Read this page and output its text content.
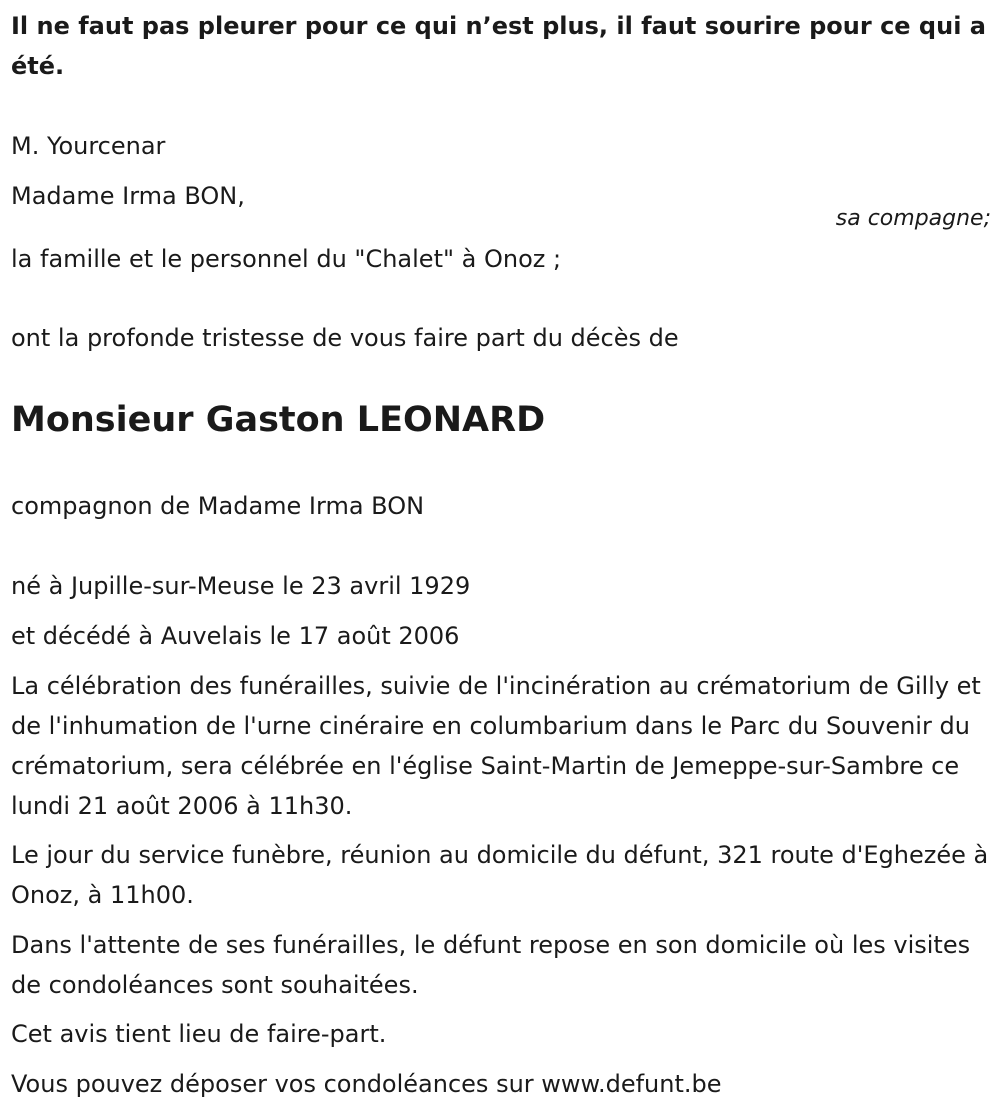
Il ne faut pas pleurer pour ce qui n’est plus, il faut sourire pour ce qui a été.
M. Yourcenar
Madame Irma BON,
sa compagne;
la famille et le personnel du "Chalet" à Onoz ;
ont la profonde tristesse de vous faire part du décès de
Monsieur Gaston LEONARD
compagnon de Madame Irma BON
né à Jupille-sur-Meuse le 23 avril 1929
et décédé à Auvelais le 17 août 2006
La célébration des funérailles, suivie de l'incinération au crématorium de Gilly et de l'inhumation de l'urne cinéraire en columbarium dans le Parc du Souvenir du crématorium, sera célébrée en l'église Saint-Martin de Jemeppe-sur-Sambre ce lundi 21 août 2006 à 11h30.
Le jour du service funèbre, réunion au domicile du défunt, 321 route d'Eghezée à Onoz, à 11h00.
Dans l'attente de ses funérailles, le défunt repose en son domicile où les visites de condoléances sont souhaitées.
Cet avis tient lieu de faire-part.
Vous pouvez déposer vos condoléances sur www.defunt.be
